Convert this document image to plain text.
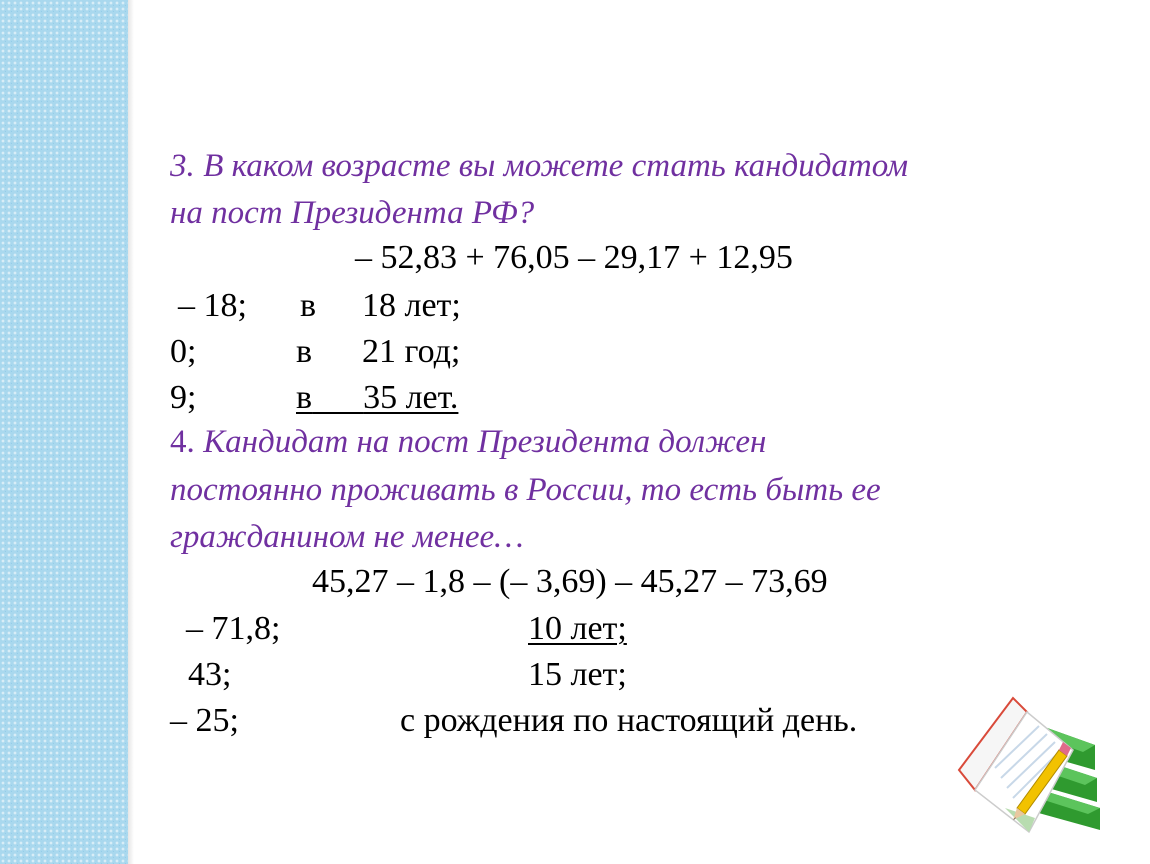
3. В каком возрасте вы можете стать кандидатом
на пост Президента РФ?
– 52,83 + 76,05 – 29,17 + 12,95
– 18; в 18 лет;
0;	в 21 год;
9;	в 35 лет.
4. Кандидат на пост Президента должен
постоянно проживать в России, то есть быть ее
гражданином не менее…
45,27 – 1,8 – (– 3,69) – 45,27 – 73,69
– 71,8;	10 лет;
43;	15 лет;
– 25;	с рождения по настоящий день.
